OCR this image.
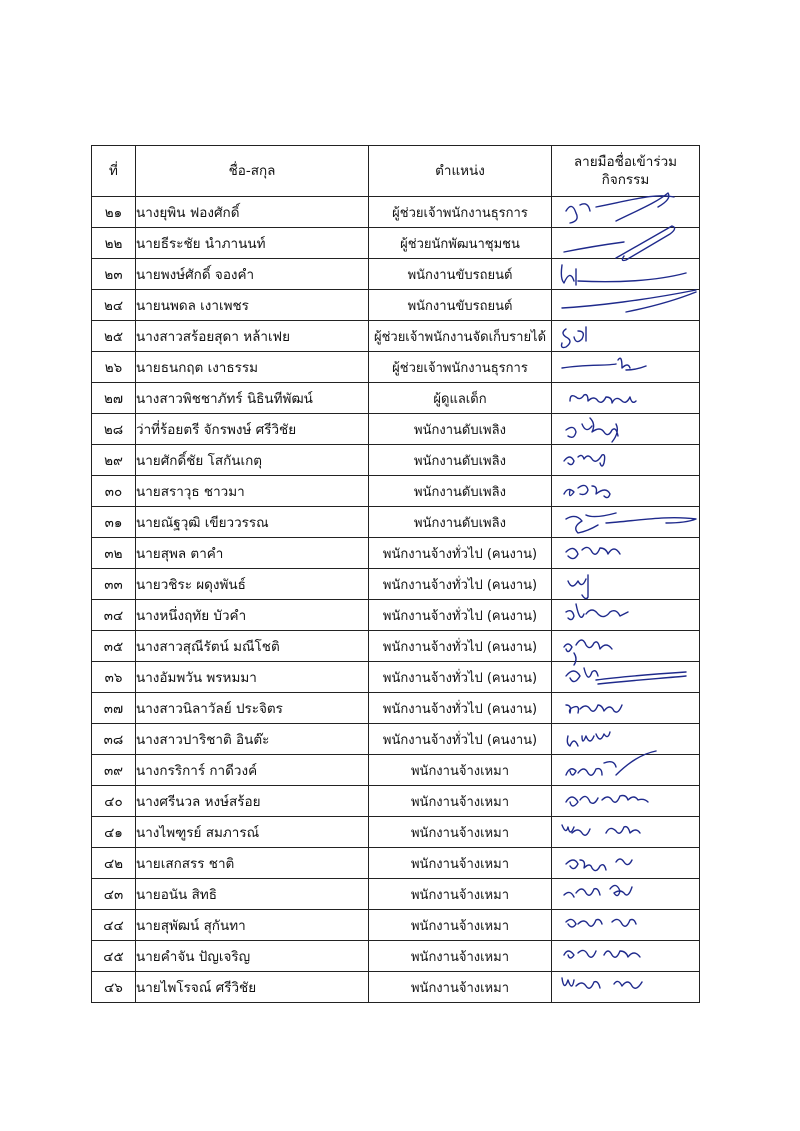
ที่	ชื่อ-สกุล	ตำแหน่ง	ลายมือชื่อเข้าร่วม
กิจกรรม

๒๑	นางยุพิน ฟองศักดิ์	ผู้ช่วยเจ้าพนักงานธุรการ	

๒๒	นายธีระชัย นำภานนท์	ผู้ช่วยนักพัฒนาชุมชน	

๒๓	นายพงษ์ศักดิ์ จองคำ	พนักงานขับรถยนต์	

๒๔	นายนพดล เงาเพชร	พนักงานขับรถยนต์	

๒๕	นางสาวสร้อยสุดา หล้าเฟย	ผู้ช่วยเจ้าพนักงานจัดเก็บรายได้	

๒๖	นายธนกฤต เงาธรรม	ผู้ช่วยเจ้าพนักงานธุรการ	

๒๗	นางสาวพิชชาภัทร์ นิธินทีพัฒน์	ผู้ดูแลเด็ก	

๒๘	ว่าที่ร้อยตรี จักรพงษ์ ศรีวิชัย	พนักงานดับเพลิง	

๒๙	นายศักดิ์ชัย โสกันเกตุ	พนักงานดับเพลิง	

๓๐	นายสราวุธ ชาวมา	พนักงานดับเพลิง	

๓๑	นายณัฐวุฒิ เขียววรรณ	พนักงานดับเพลิง	

๓๒	นายสุพล ตาคำ	พนักงานจ้างทั่วไป (คนงาน)	

๓๓	นายวชิระ ผดุงพันธ์	พนักงานจ้างทั่วไป (คนงาน)	

๓๔	นางหนึ่งฤทัย บัวคำ	พนักงานจ้างทั่วไป (คนงาน)	

๓๕	นางสาวสุณีรัตน์ มณีโชติ	พนักงานจ้างทั่วไป (คนงาน)	

๓๖	นางอัมพวัน พรหมมา	พนักงานจ้างทั่วไป (คนงาน)	

๓๗	นางสาวนิลาวัลย์ ประจิตร	พนักงานจ้างทั่วไป (คนงาน)	

๓๘	นางสาวปาริชาติ อินต๊ะ	พนักงานจ้างทั่วไป (คนงาน)	

๓๙	นางกรริการ์ กาดีวงค์	พนักงานจ้างเหมา	

๔๐	นางศรีนวล หงษ์สร้อย	พนักงานจ้างเหมา	

๔๑	นางไพฑูรย์ สมภารณ์	พนักงานจ้างเหมา	

๔๒	นายเสกสรร ชาติ	พนักงานจ้างเหมา	

๔๓	นายอนัน สิทธิ	พนักงานจ้างเหมา	

๔๔	นายสุพัฒน์ สุกันทา	พนักงานจ้างเหมา	

๔๕	นายคำจัน ปัญเจริญ	พนักงานจ้างเหมา	

๔๖	นายไพโรจณ์ ศรีวิชัย	พนักงานจ้างเหมา	
